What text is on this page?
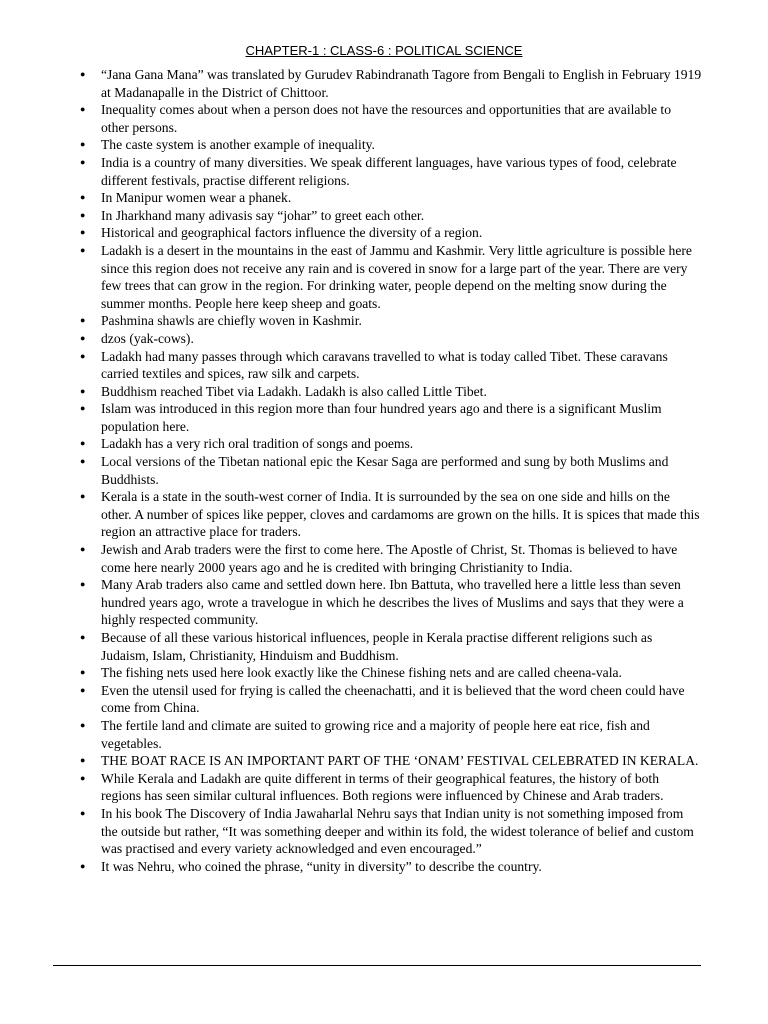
CHAPTER-1 : CLASS-6 : POLITICAL SCIENCE
● “Jana Gana Mana” was translated by Gurudev Rabindranath Tagore from Bengali to English in February 1919 at Madanapalle in the District of Chittoor.
● Inequality comes about when a person does not have the resources and opportunities that are available to other persons.
● The caste system is another example of inequality.
● India is a country of many diversities. We speak different languages, have various types of food, celebrate different festivals, practise different religions.
● In Manipur women wear a phanek.
● In Jharkhand many adivasis say “johar” to greet each other.
● Historical and geographical factors influence the diversity of a region.
● Ladakh is a desert in the mountains in the east of Jammu and Kashmir. Very little agriculture is possible here since this region does not receive any rain and is covered in snow for a large part of the year. There are very few trees that can grow in the region. For drinking water, people depend on the melting snow during the summer months. People here keep sheep and goats.
● Pashmina shawls are chiefly woven in Kashmir.
● dzos (yak-cows).
● Ladakh had many passes through which caravans travelled to what is today called Tibet. These caravans carried textiles and spices, raw silk and carpets.
● Buddhism reached Tibet via Ladakh. Ladakh is also called Little Tibet.
● Islam was introduced in this region more than four hundred years ago and there is a significant Muslim population here.
● Ladakh has a very rich oral tradition of songs and poems.
● Local versions of the Tibetan national epic the Kesar Saga are performed and sung by both Muslims and Buddhists.
● Kerala is a state in the south-west corner of India. It is surrounded by the sea on one side and hills on the other. A number of spices like pepper, cloves and cardamoms are grown on the hills. It is spices that made this region an attractive place for traders.
● Jewish and Arab traders were the first to come here. The Apostle of Christ, St. Thomas is believed to have come here nearly 2000 years ago and he is credited with bringing Christianity to India.
● Many Arab traders also came and settled down here. Ibn Battuta, who travelled here a little less than seven hundred years ago, wrote a travelogue in which he describes the lives of Muslims and says that they were a highly respected community.
● Because of all these various historical influences, people in Kerala practise different religions such as Judaism, Islam, Christianity, Hinduism and Buddhism.
● The fishing nets used here look exactly like the Chinese fishing nets and are called cheena-vala.
● Even the utensil used for frying is called the cheenachatti, and it is believed that the word cheen could have come from China.
● The fertile land and climate are suited to growing rice and a majority of people here eat rice, fish and vegetables.
● THE BOAT RACE IS AN IMPORTANT PART OF THE ‘ONAM’ FESTIVAL CELEBRATED IN KERALA.
● While Kerala and Ladakh are quite different in terms of their geographical features, the history of both regions has seen similar cultural influences. Both regions were influenced by Chinese and Arab traders.
● In his book The Discovery of India Jawaharlal Nehru says that Indian unity is not something imposed from the outside but rather, “It was something deeper and within its fold, the widest tolerance of belief and custom was practised and every variety acknowledged and even encouraged.”
● It was Nehru, who coined the phrase, “unity in diversity” to describe the country.
